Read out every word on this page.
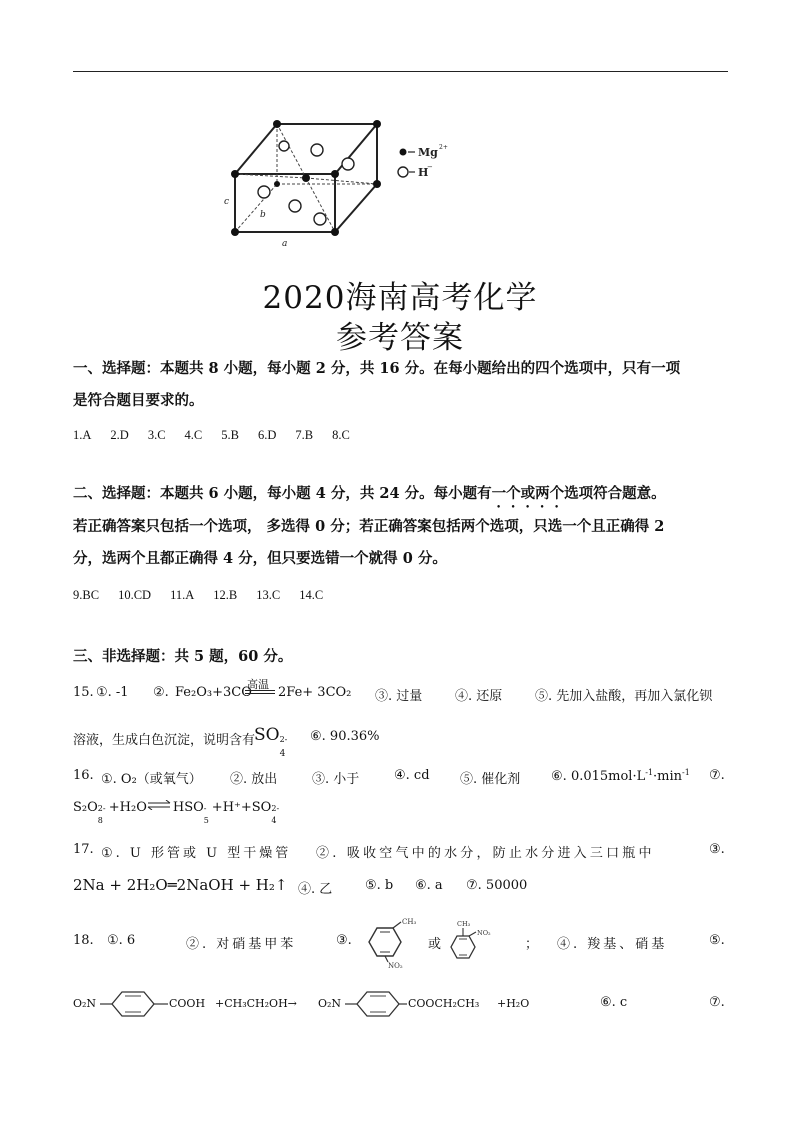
c
b
a
Mg 2+
H
−
2020海南高考化学
参考答案
一、选择题：本题共 8 小题，每小题 2 分，共 16 分。在每小题给出的四个选项中，只有一项
是符合题目要求的。
1.A 2.D 3.C 4.C 5.B 6.D 7.B 8.C
二、选择题：本题共 6 小题，每小题 4 分，共 24 分。每小题有一个或两个选项符合题意。
若正确答案只包括一个选项， 多选得 0 分；若正确答案包括两个选项，只选一个且正确得 2
分，选两个且都正确得 4 分，但只要选错一个就得 0 分。
9.BC 10.CD 11.A 12.B 13.C 14.C
三、非选择题：共 5 题，60 分。
15. ①. -1 ②. Fe₂O₃+3CO
高温
2Fe+ 3CO₂ ③. 过量	④. 还原	⑤. 先加入盐酸，再加入氯化钡
溶液，生成白色沉淀，说明含有
SO 2-
4
⑥. 90.36%
16. ①. O₂（或氧气） ②. 放出	③. 小于	④. cd ⑤. 催化剂 ⑥. $0.015mol\cdot L^{-1}\cdot\min^{-1}$ ⑦.
S₂O 2-
8
+H₂O⇌HSO -
5
+H⁺+SO 2-
4
17. ①. U 形管或 U 型干燥管 ②. 吸收空气中的水分，防止水分进入三口瓶中	③.
2Na + 2H₂O═2NaOH + H₂↑ ④. 乙	⑤. b ⑥. a ⑦. 50000
18. ①. 6	②. 对硝基甲苯	③.	或	； ④. 羧基、硝基	⑤.
CH₃
NO₂
CH₃
NO₂
O₂N	COOH +CH₃CH₂OH→ O₂N	COOCH₂CH₃ +H₂O	⑥. c	⑦.
